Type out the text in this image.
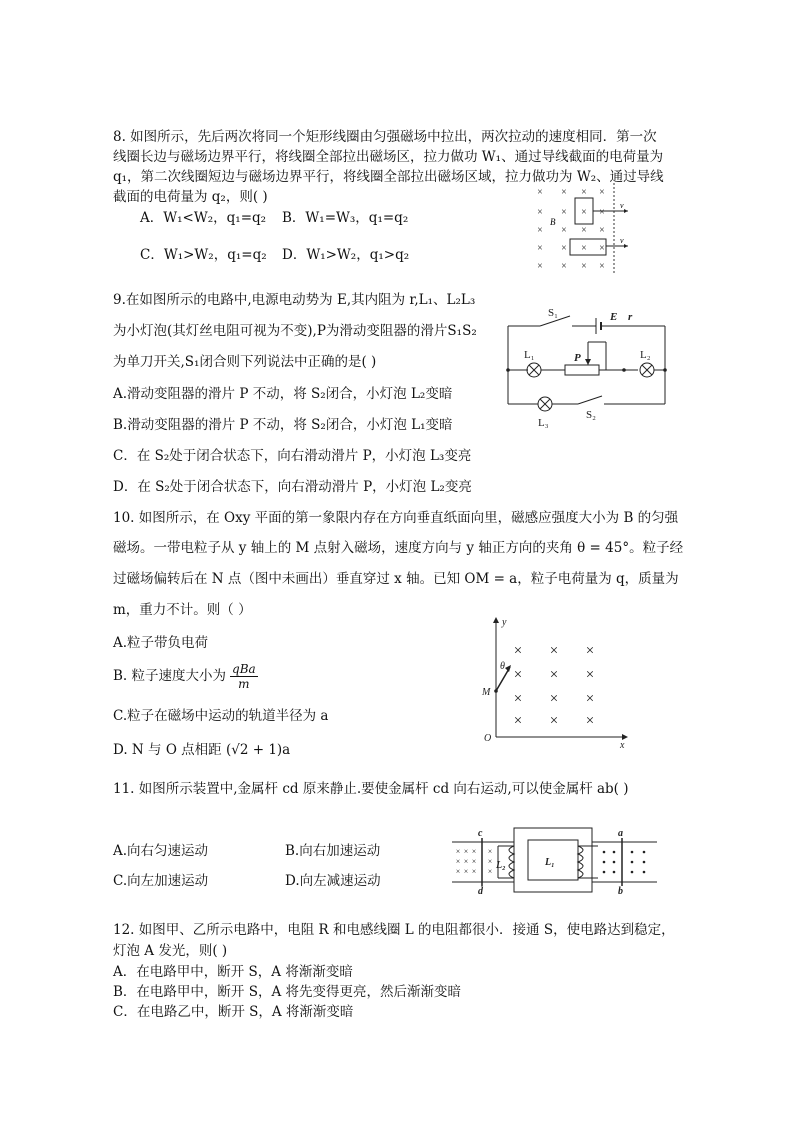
8. 如图所示，先后两次将同一个矩形线圈由匀强磁场中拉出，两次拉动的速度相同．第一次
线圈长边与磁场边界平行，将线圈全部拉出磁场区，拉力做功 W₁、通过导线截面的电荷量为
q₁，第二次线圈短边与磁场边界平行，将线圈全部拉出磁场区域，拉力做功为 W₂、通过导线
截面的电荷量为 q₂，则( )
A．W₁<W₂，q₁=q₂ B．W₁=W₃，q₁=q₂
C．W₁>W₂，q₁=q₂ D．W₁>W₂，q₁>q₂
× × × ×
× × × ×
× × × ×
× × × ×
× × × ×
B
v
v
9.在如图所示的电路中,电源电动势为 E,其内阻为 r,L₁、L₂L₃
为小灯泡(其灯丝电阻可视为不变),P为滑动变阻器的滑片S₁S₂
为单刀开关,S₁闭合则下列说法中正确的是( )
A.滑动变阻器的滑片 P 不动，将 S₂闭合，小灯泡 L₂变暗
B.滑动变阻器的滑片 P 不动，将 S₂闭合，小灯泡 L₁变暗
C．在 S₂处于闭合状态下，向右滑动滑片 P，小灯泡 L₃变亮
D．在 S₂处于闭合状态下，向右滑动滑片 P，小灯泡 L₂变亮
S₁	E r
L₁	P	L₂
L₃
S₂
10. 如图所示，在 Oxy 平面的第一象限内存在方向垂直纸面向里，磁感应强度大小为 B 的匀强
磁场。一带电粒子从 y 轴上的 M 点射入磁场，速度方向与 y 轴正方向的夹角 θ = 45°。粒子经
过磁场偏转后在 N 点（图中未画出）垂直穿过 x 轴。已知 OM = a，粒子电荷量为 q，质量为
m，重力不计。则（ ）
A.粒子带负电荷
B. 粒子速度大小为 $\frac{\text{qBa}}{m}$
C.粒子在磁场中运动的轨道半径为 a
D. N 与 O 点相距 (√2 + 1)a
y
x
O
M
θ
× × ×
× × ×
× × ×
× × ×
11. 如图所示装置中,金属杆 cd 原来静止.要使金属杆 cd 向右运动,可以使金属杆 ab( )
A.向右匀速运动	B.向右加速运动
C.向左加速运动	D.向左减速运动
× × ×
× × ×
× × ×
×
×
×
c
d
a
b
L₁
L₂
12. 如图甲、乙所示电路中，电阻 R 和电感线圈 L 的电阻都很小．接通 S，使电路达到稳定，
灯泡 A 发光，则( )
A．在电路甲中，断开 S，A 将渐渐变暗
B．在电路甲中，断开 S，A 将先变得更亮，然后渐渐变暗
C．在电路乙中，断开 S，A 将渐渐变暗
